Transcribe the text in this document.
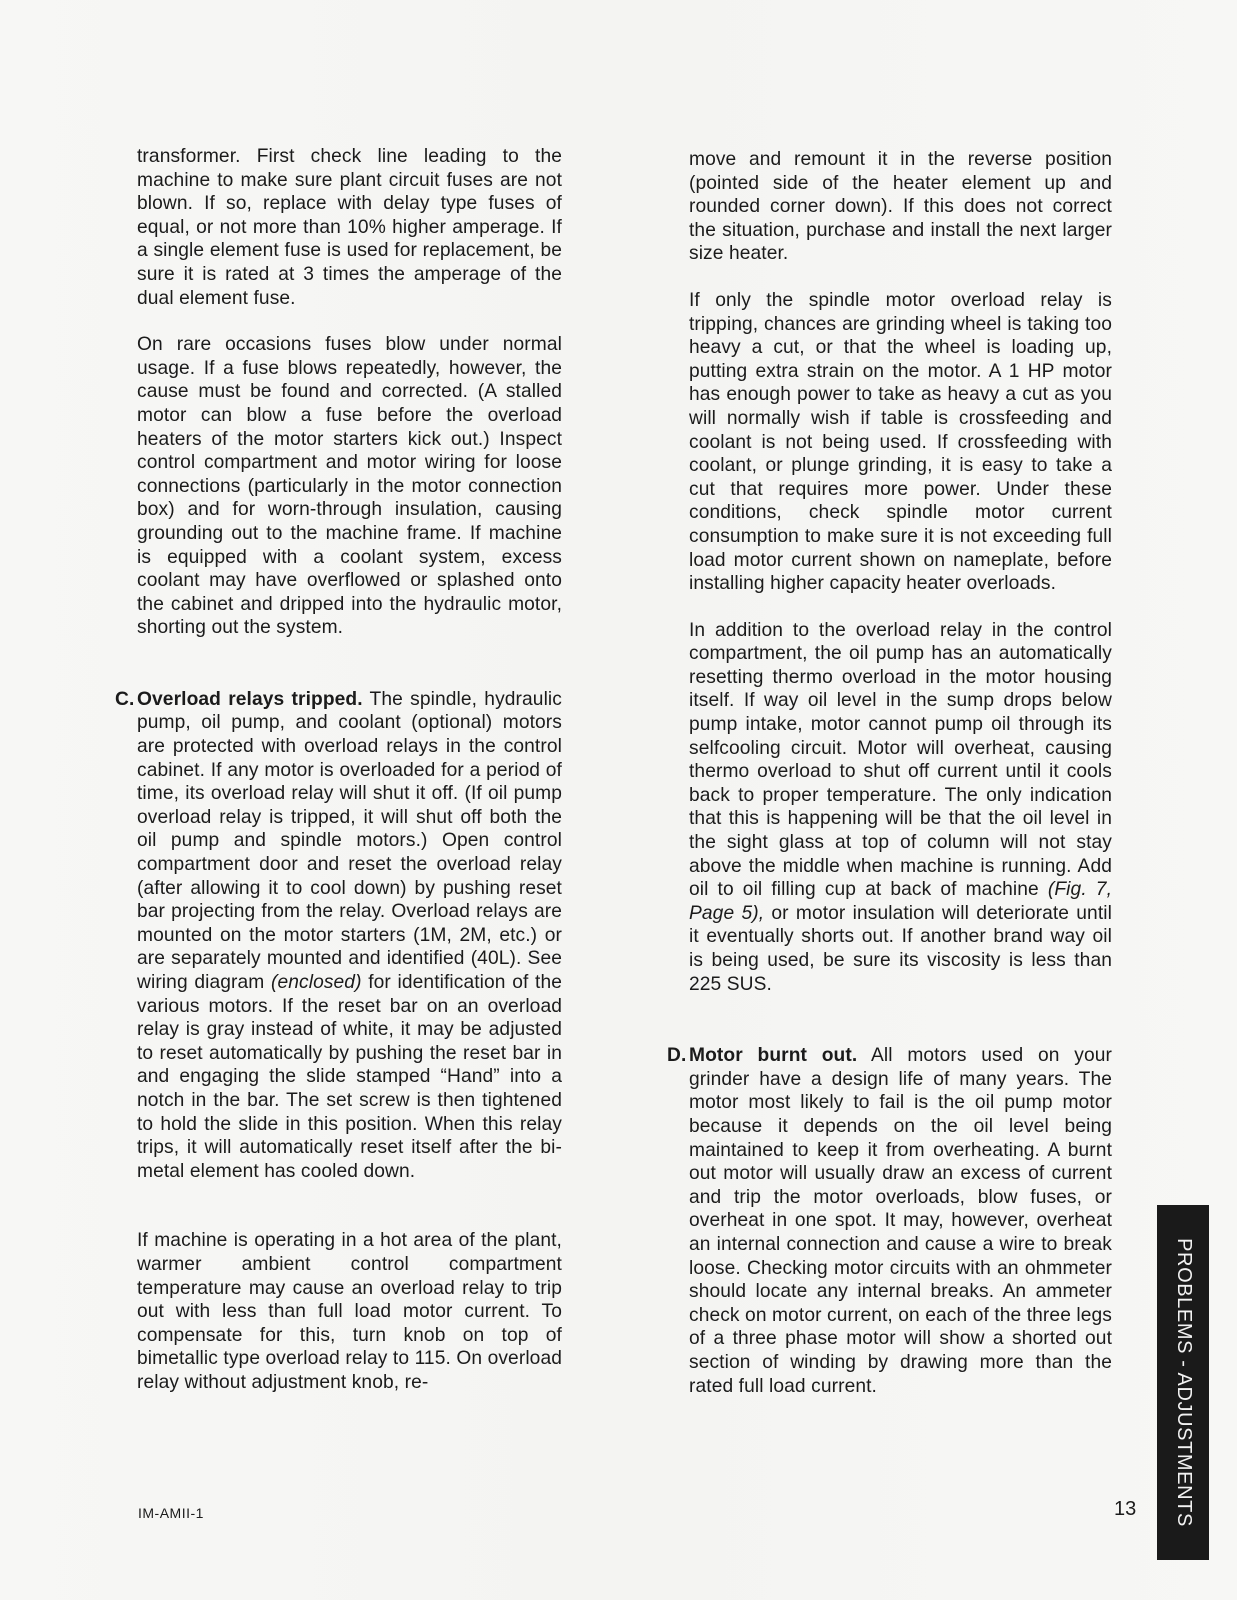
transformer. First check line leading to the machine to make sure plant circuit fuses are not blown. If so, replace with delay type fuses of equal, or not more than 10% higher amperage. If a single element fuse is used for replacement, be sure it is rated at 3 times the amperage of the dual element fuse.

On rare occasions fuses blow under normal usage. If a fuse blows repeatedly, however, the cause must be found and corrected. (A stalled motor can blow a fuse before the overload heaters of the motor starters kick out.) Inspect control compartment and motor wiring for loose connections (particularly in the motor connection box) and for worn-through insulation, causing grounding out to the machine frame. If machine is equipped with a coolant system, excess coolant may have overflowed or splashed onto the cabinet and dripped into the hydraulic motor, shorting out the system.

C. Overload relays tripped. The spindle, hydraulic pump, oil pump, and coolant (optional) motors are protected with overload relays in the control cabinet. If any motor is overloaded for a period of time, its overload relay will shut it off. (If oil pump overload relay is tripped, it will shut off both the oil pump and spindle motors.) Open control compartment door and reset the overload relay (after allowing it to cool down) by pushing reset bar projecting from the relay. Overload relays are mounted on the motor starters (1M, 2M, etc.) or are separately mounted and identified (40L). See wiring diagram (enclosed) for identification of the various motors. If the reset bar on an overload relay is gray instead of white, it may be adjusted to reset automatically by pushing the reset bar in and engaging the slide stamped “Hand” into a notch in the bar. The set screw is then tightened to hold the slide in this position. When this relay trips, it will automatically reset itself after the bi-metal element has cooled down.

If machine is operating in a hot area of the plant, warmer ambient control compartment temperature may cause an overload relay to trip out with less than full load motor current. To compensate for this, turn knob on top of bimetallic type overload relay to 115. On overload relay without adjustment knob, re-

move and remount it in the reverse position (pointed side of the heater element up and rounded corner down). If this does not correct the situation, purchase and install the next larger size heater.

If only the spindle motor overload relay is tripping, chances are grinding wheel is taking too heavy a cut, or that the wheel is loading up, putting extra strain on the motor. A 1 HP motor has enough power to take as heavy a cut as you will normally wish if table is crossfeeding and coolant is not being used. If crossfeeding with coolant, or plunge grinding, it is easy to take a cut that requires more power. Under these conditions, check spindle motor current consumption to make sure it is not exceeding full load motor current shown on nameplate, before installing higher capacity heater overloads.

In addition to the overload relay in the control compartment, the oil pump has an automatically resetting thermo overload in the motor housing itself. If way oil level in the sump drops below pump intake, motor cannot pump oil through its selfcooling circuit. Motor will overheat, causing thermo overload to shut off current until it cools back to proper temperature. The only indication that this is happening will be that the oil level in the sight glass at top of column will not stay above the middle when machine is running. Add oil to oil filling cup at back of machine (Fig. 7, Page 5), or motor insulation will deteriorate until it eventually shorts out. If another brand way oil is being used, be sure its viscosity is less than 225 SUS.

D. Motor burnt out. All motors used on your grinder have a design life of many years. The motor most likely to fail is the oil pump motor because it depends on the oil level being maintained to keep it from overheating. A burnt out motor will usually draw an excess of current and trip the motor overloads, blow fuses, or overheat in one spot. It may, however, overheat an internal connection and cause a wire to break loose. Checking motor circuits with an ohmmeter should locate any internal breaks. An ammeter check on motor current, on each of the three legs of a three phase motor will show a shorted out section of winding by drawing more than the rated full load current.

IM-AMII-1	13 PROBLEMS - ADJUSTMENTS
